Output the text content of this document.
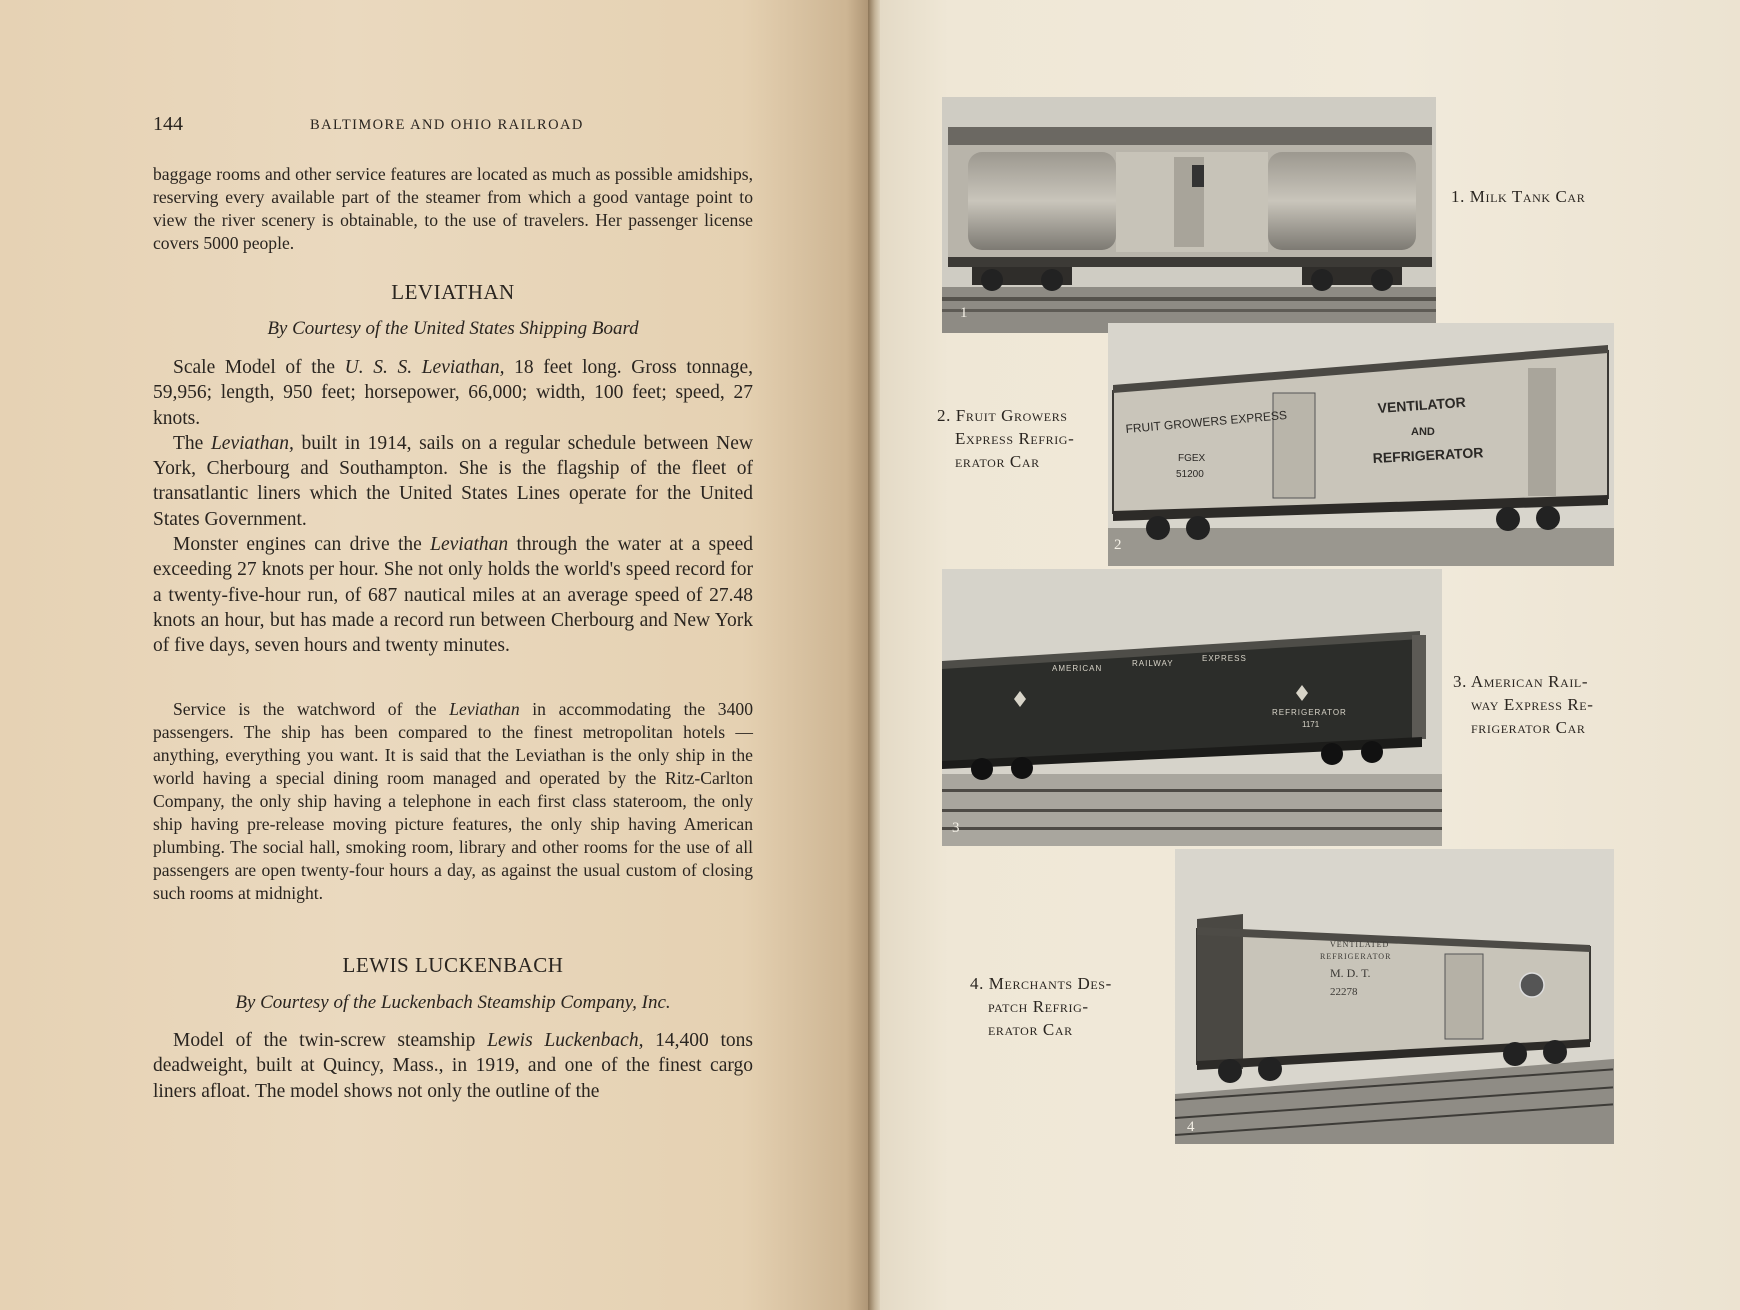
144	BALTIMORE AND OHIO RAILROAD

baggage rooms and other service features are located as much as possible amidships, reserving every available part of the steamer from which a good vantage point to view the river scenery is obtainable, to the use of travelers. Her passenger license covers 5000 people.

LEVIATHAN
By Courtesy of the United States Shipping Board

Scale Model of the U. S. S. Leviathan, 18 feet long. Gross tonnage, 59,956; length, 950 feet; horsepower, 66,000; width, 100 feet; speed, 27 knots.

The Leviathan, built in 1914, sails on a regular schedule between New York, Cherbourg and Southampton. She is the flagship of the fleet of transatlantic liners which the United States Lines operate for the United States Government.

Monster engines can drive the Leviathan through the water at a speed exceeding 27 knots per hour. She not only holds the world's speed record for a twenty-five-hour run, of 687 nautical miles at an average speed of 27.48 knots an hour, but has made a record run between Cherbourg and New York of five days, seven hours and twenty minutes.

Service is the watchword of the Leviathan in accommodating the 3400 passengers. The ship has been compared to the finest metropolitan hotels —anything, everything you want. It is said that the Leviathan is the only ship in the world having a special dining room managed and operated by the Ritz-Carlton Company, the only ship having a telephone in each first class stateroom, the only ship having pre-release moving picture features, the only ship having American plumbing. The social hall, smoking room, library and other rooms for the use of all passengers are open twenty-four hours a day, as against the usual custom of closing such rooms at midnight.

LEWIS LUCKENBACH
By Courtesy of the Luckenbach Steamship Company, Inc.

Model of the twin-screw steamship Lewis Luckenbach, 14,400 tons deadweight, built at Quincy, Mass., in 1919, and one of the finest cargo liners afloat. The model shows not only the outline of the

1
1. Milk Tank Car
2. Fruit Growers
Express Refrig-
erator Car
FRUIT GROWERS EXPRESS
FGEX
51200
VENTILATOR
AND
REFRIGERATOR
2
AMERICAN
RAILWAY
EXPRESS
REFRIGERATOR
1171
3
3. American Rail-
way Express Re-
frigerator Car
4. Merchants Des-
patch Refrig-
erator Car
VENTILATED
REFRIGERATOR
M. D. T.
22278
4
